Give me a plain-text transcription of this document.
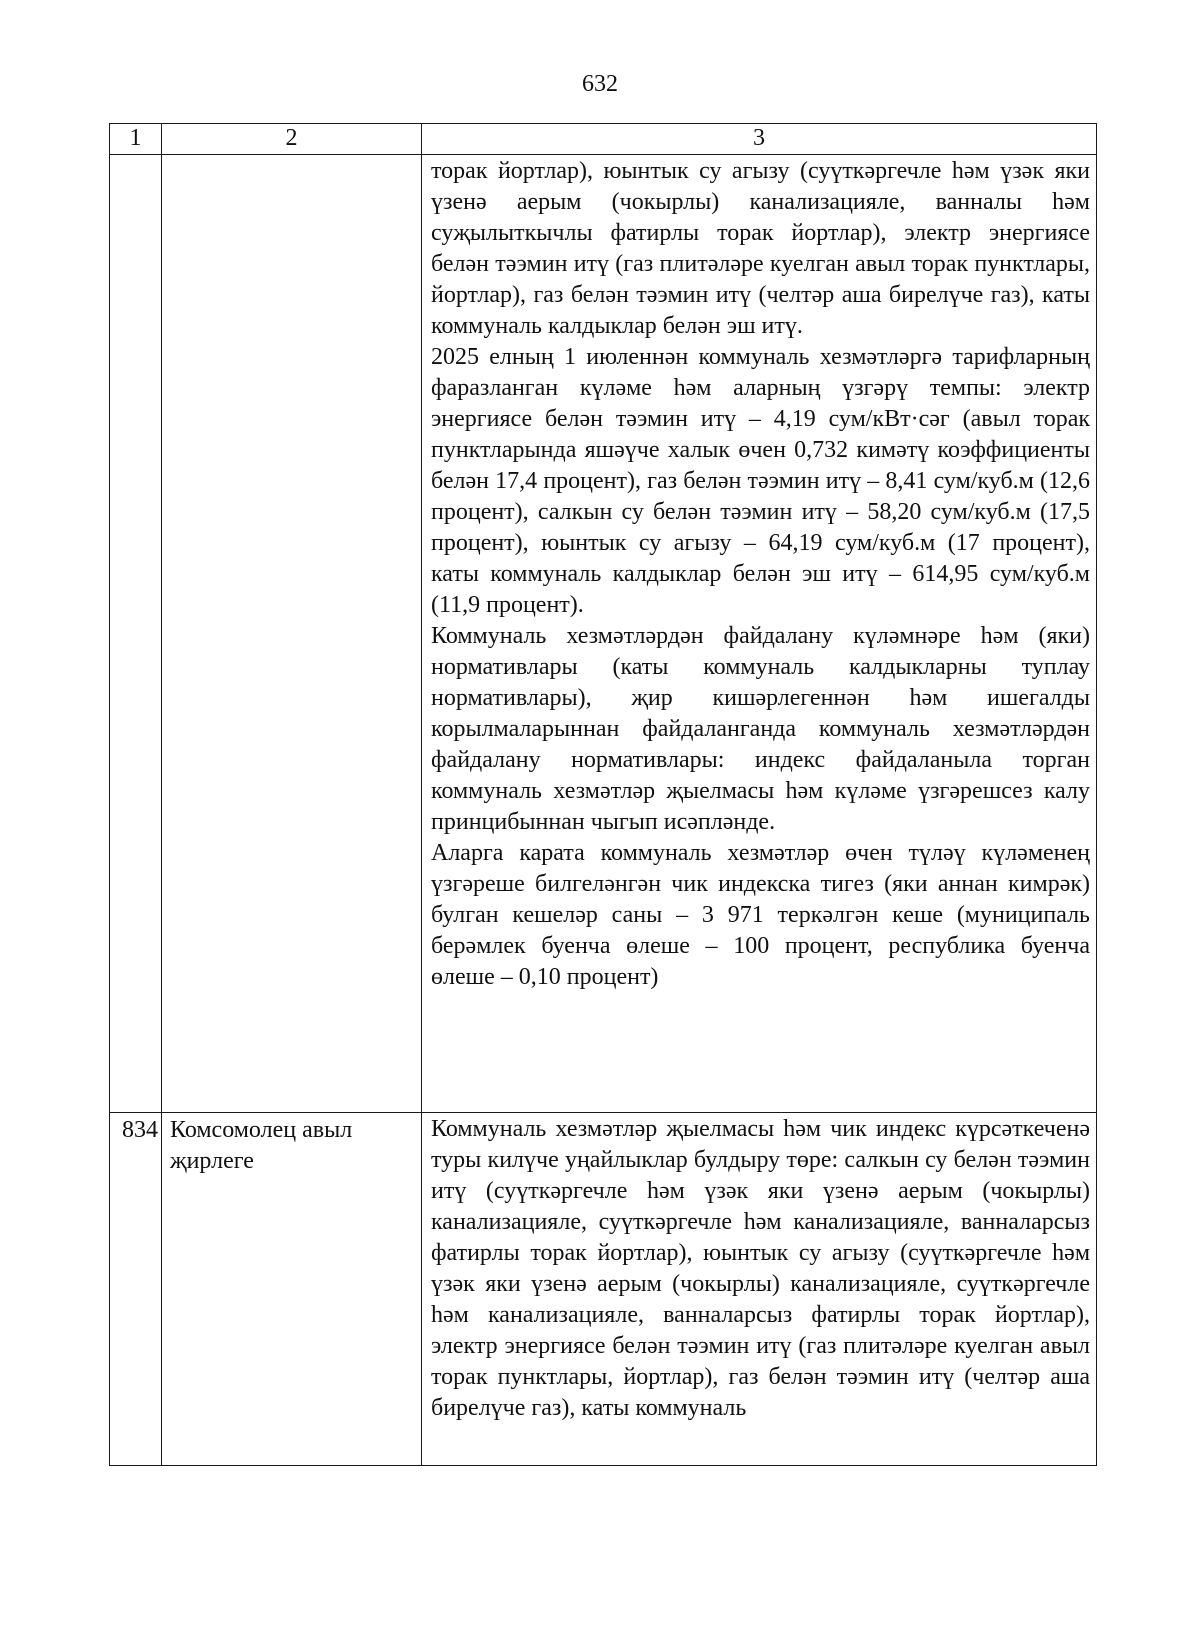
632
1	2	3

		торак йортлар), юынтык су агызу (суүткәргечле һәм үзәк яки үзенә аерым (чокырлы) канализацияле, ванналы һәм суҗылыткычлы фатирлы торак йортлар), электр энергиясе белән тәэмин итү (газ плитәләре куелган авыл торак пунктлары, йортлар), газ белән тәэмин итү (челтәр аша бирелүче газ), каты коммуналь калдыклар белән эш итү.

2025 елның 1 июленнән коммуналь хезмәтләргә тарифларның фаразланган күләме һәм аларның үзгәрү темпы: электр энергиясе белән тәэмин итү – 4,19 сум/кВт·сәг (авыл торак пунктларында яшәүче халык өчен 0,732 кимәтү коэффициенты белән 17,4 процент), газ белән тәэмин итү – 8,41 сум/куб.м (12,6 процент), салкын су белән тәэмин итү – 58,20 сум/куб.м (17,5 процент), юынтык су агызу – 64,19 сум/куб.м (17 процент), каты коммуналь калдыклар белән эш итү – 614,95 сум/куб.м (11,9 процент).

Коммуналь хезмәтләрдән файдалану күләмнәре һәм (яки) нормативлары (каты коммуналь калдыкларны туплау нормативлары), җир кишәрлегеннән һәм ишегалды корылмаларыннан файдаланганда коммуналь хезмәтләрдән файдалану нормативлары: индекс файдаланыла торган коммуналь хезмәтләр җыелмасы һәм күләме үзгәрешсез калу принцибыннан чыгып исәпләнде.

Аларга карата коммуналь хезмәтләр өчен түләү күләменең үзгәреше билгеләнгән чик индекска тигез (яки аннан кимрәк) булган кешеләр саны – 3 971 теркәлгән кеше (муниципаль берәмлек буенча өлеше – 100 процент, республика буенча өлеше – 0,10 процент)

834	Комсомолец авыл җирлеге	Коммуналь хезмәтләр җыелмасы һәм чик индекс күрсәткеченә туры килүче уңайлыклар булдыру төре: салкын су белән тәэмин итү (суүткәргечле һәм үзәк яки үзенә аерым (чокырлы) канализацияле, суүткәргечле һәм канализацияле, ванналарсыз фатирлы торак йортлар), юынтык су агызу (суүткәргечле һәм үзәк яки үзенә аерым (чокырлы) канализацияле, суүткәргечле һәм канализацияле, ванналарсыз фатирлы торак йортлар), электр энергиясе белән тәэмин итү (газ плитәләре куелган авыл торак пунктлары, йортлар), газ белән тәэмин итү (челтәр аша бирелүче газ), каты коммуналь
